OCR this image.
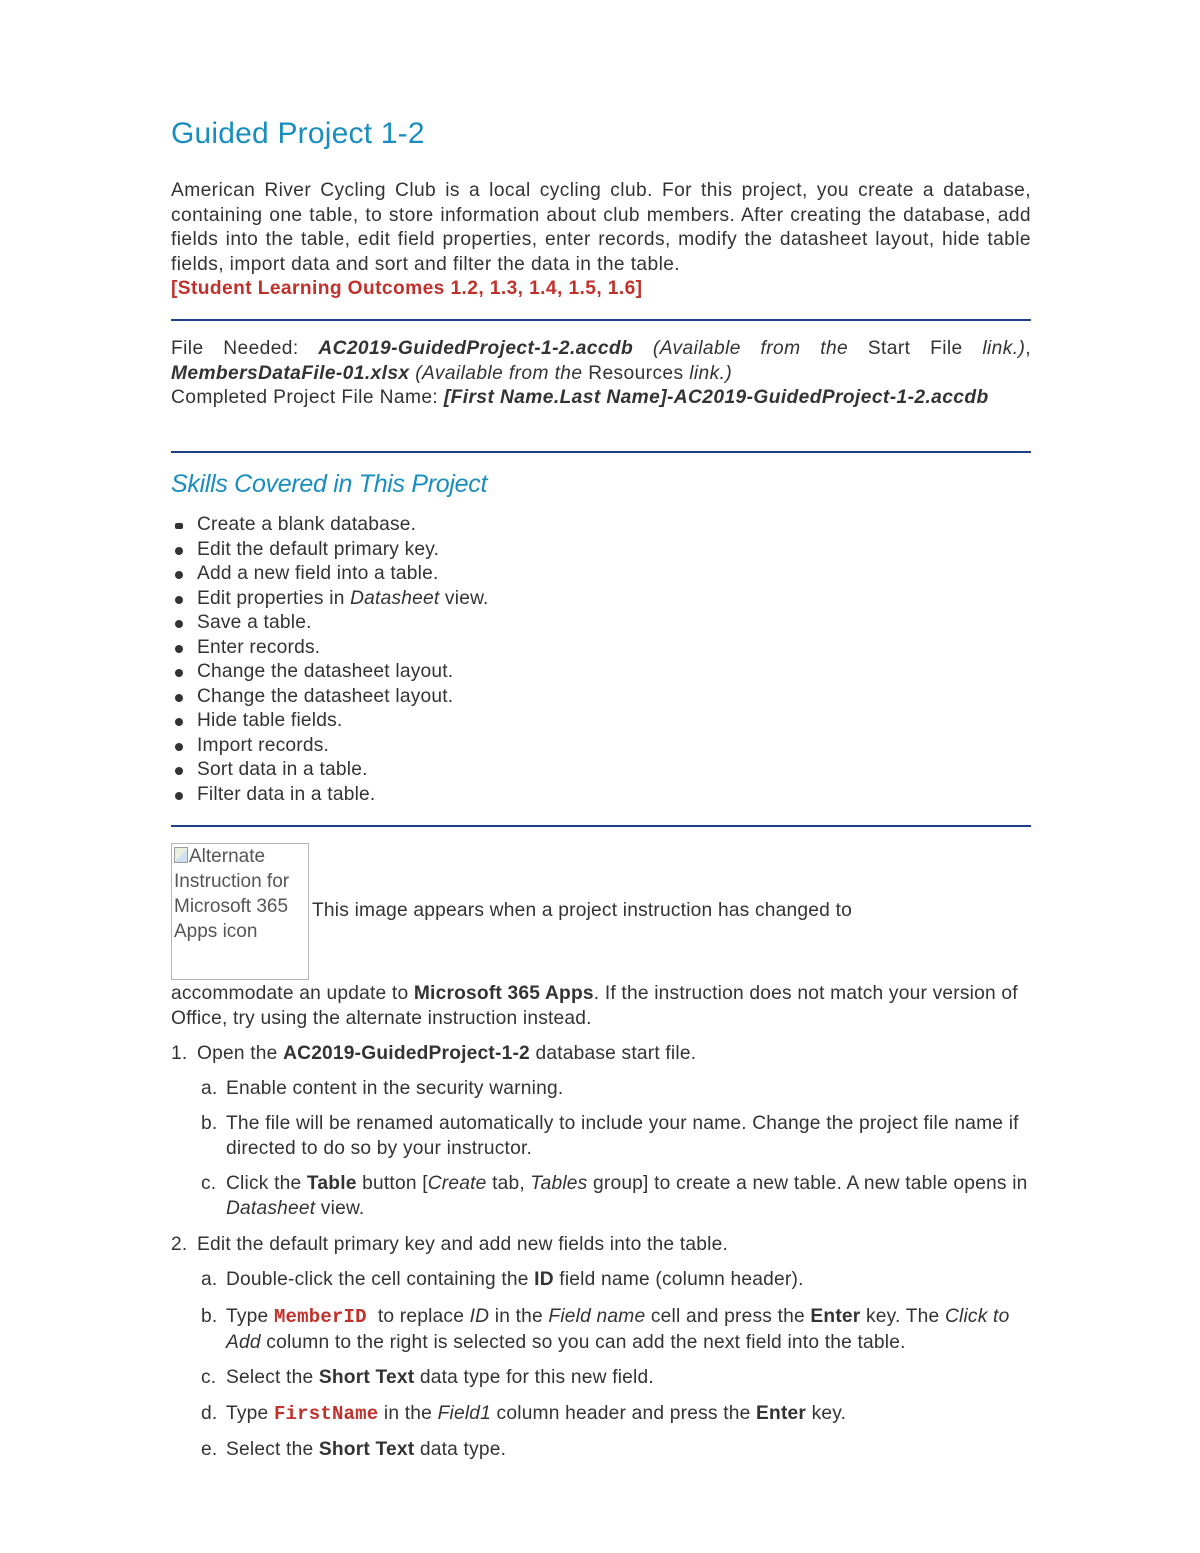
Guided Project 1-2

American River Cycling Club is a local cycling club. For this project, you create a database, containing one table, to store information about club members. After creating the database, add fields into the table, edit field properties, enter records, modify the datasheet layout, hide table fields, import data and sort and filter the data in the table.
[Student Learning Outcomes 1.2, 1.3, 1.4, 1.5, 1.6]

File Needed: AC2019-GuidedProject-1-2.accdb (Available from the Start File link.), MembersDataFile-01.xlsx (Available from the Resources link.)

Completed Project File Name: [First Name.Last Name]-AC2019-GuidedProject-1-2.accdb

Skills Covered in This Project
Create a blank database.
Edit the default primary key.
Add a new field into a table.
Edit properties in Datasheet view.
Save a table.
Enter records.
Change the datasheet layout.
Change the datasheet layout.
Hide table fields.
Import records.
Sort data in a table.
Filter data in a table.
Alternate Instruction for Microsoft 365 Apps icon
This image appears when a project instruction has changed to

accommodate an update to Microsoft 365 Apps. If the instruction does not match your version of Office, try using the alternate instruction instead.

1. Open the AC2019-GuidedProject-1-2 database start file.
a. Enable content in the security warning.
b. The file will be renamed automatically to include your name. Change the project file name if directed to do so by your instructor.
c. Click the Table button [Create tab, Tables group] to create a new table. A new table opens in Datasheet view.
2. Edit the default primary key and add new fields into the table.
a. Double-click the cell containing the ID field name (column header).
b. Type MemberID  to replace ID in the Field name cell and press the Enter key. The Click to Add column to the right is selected so you can add the next field into the table.
c. Select the Short Text data type for this new field.
d. Type FirstName in the Field1 column header and press the Enter key.
e. Select the Short Text data type.
